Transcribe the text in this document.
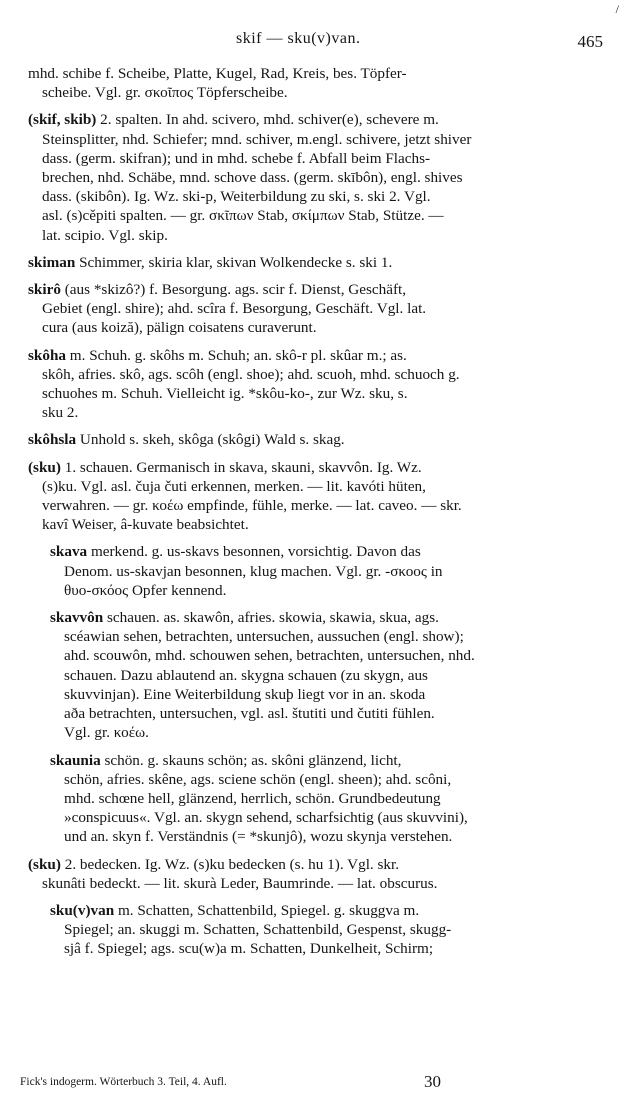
skif — sku(v)van.	465
/
mhd. schibe f. Scheibe, Platte, Kugel, Rad, Kreis, bes. Töpfer-
scheibe. Vgl. gr. σκοῖπος Töpferscheibe.
(skif, skib) 2. spalten. In ahd. scivero, mhd. schiver(e), schevere m.
Steinsplitter, nhd. Schiefer; mnd. schiver, m.engl. schivere, jetzt shiver
dass. (germ. skifran); und in mhd. schebe f. Abfall beim Flachs-
brechen, nhd. Schäbe, mnd. schove dass. (germ. skībôn), engl. shives
dass. (skibôn). Ig. Wz. ski-p, Weiterbildung zu ski, s. ski 2. Vgl.
asl. (s)cěpiti spalten. — gr. σκῖπων Stab, σκίμπων Stab, Stütze. —
lat. scipio. Vgl. skip.
skiman Schimmer, skiria klar, skivan Wolkendecke s. ski 1.
skirô (aus *skizô?) f. Besorgung. ags. scir f. Dienst, Geschäft,
Gebiet (engl. shire); ahd. scîra f. Besorgung, Geschäft. Vgl. lat.
cura (aus koiză), pälign coisatens curaverunt.
skôha m. Schuh. g. skôhs m. Schuh; an. skô-r pl. skûar m.; as.
skôh, afries. skô, ags. scôh (engl. shoe); ahd. scuoh, mhd. schuoch g.
schuohes m. Schuh. Vielleicht ig. *skôu-ko-, zur Wz. sku, s.
sku 2.
skôhsla Unhold s. skeh, skôga (skôgi) Wald s. skag.
(sku) 1. schauen. Germanisch in skava, skauni, skavvôn. Ig. Wz.
(s)ku. Vgl. asl. čuja čuti erkennen, merken. — lit. kavóti hüten,
verwahren. — gr. κοέω empfinde, fühle, merke. — lat. caveo. — skr.
kavî Weiser, â-kuvate beabsichtet.
skava merkend. g. us-skavs besonnen, vorsichtig. Davon das
Denom. us-skavjan besonnen, klug machen. Vgl. gr. -σκοος in
θυο-σκόος Opfer kennend.
skavvôn schauen. as. skawôn, afries. skowia, skawia, skua, ags.
scéawian sehen, betrachten, untersuchen, aussuchen (engl. show);
ahd. scouwôn, mhd. schouwen sehen, betrachten, untersuchen, nhd.
schauen. Dazu ablautend an. skygna schauen (zu skygn, aus
skuvvinjan). Eine Weiterbildung skuþ liegt vor in an. skoda
aða betrachten, untersuchen, vgl. asl. štutiti und čutiti fühlen.
Vgl. gr. κοέω.
skaunia schön. g. skauns schön; as. skôni glänzend, licht,
schön, afries. skêne, ags. sciene schön (engl. sheen); ahd. scôni,
mhd. schœne hell, glänzend, herrlich, schön. Grundbedeutung
»conspicuus«. Vgl. an. skygn sehend, scharfsichtig (aus skuvvini),
und an. skyn f. Verständnis (= *skunjô), wozu skynja verstehen.
(sku) 2. bedecken. Ig. Wz. (s)ku bedecken (s. hu 1). Vgl. skr.
skunâti bedeckt. — lit. skurà Leder, Baumrinde. — lat. obscurus.
sku(v)van m. Schatten, Schattenbild, Spiegel. g. skuggva m.
Spiegel; an. skuggi m. Schatten, Schattenbild, Gespenst, skugg-
sjâ f. Spiegel; ags. scu(w)a m. Schatten, Dunkelheit, Schirm;
Fick's indogerm. Wörterbuch 3. Teil, 4. Aufl.	30
